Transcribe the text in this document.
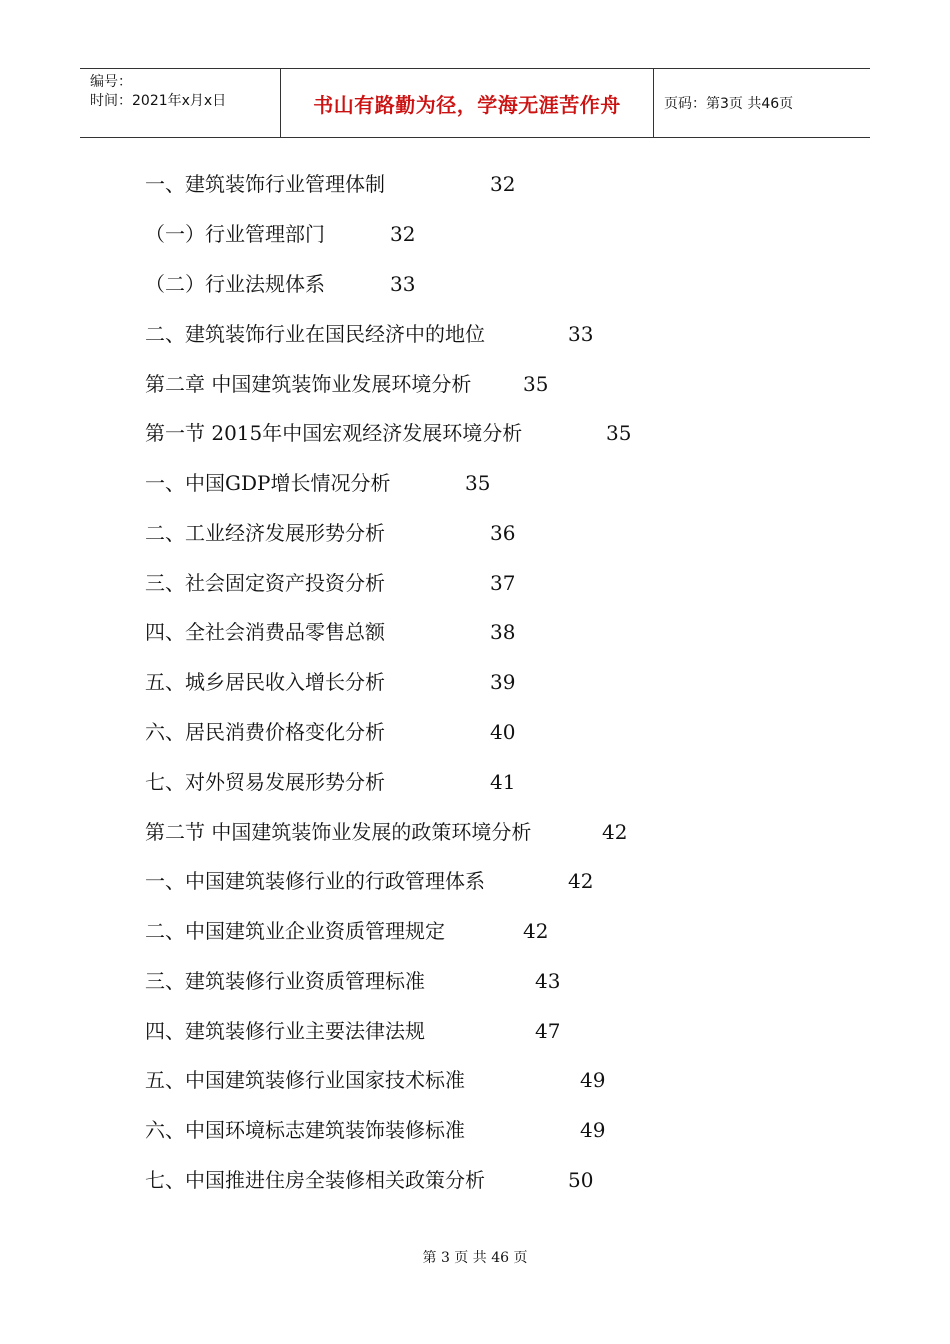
编号：
时间：2021年x月x日	书山有路勤为径，学海无涯苦作舟	页码：第3页 共46页
一、建筑装饰行业管理体制	32
（一）行业管理部门	32
（二）行业法规体系	33
二、建筑装饰行业在国民经济中的地位	33
第二章 中国建筑装饰业发展环境分析	35
第一节 2015年中国宏观经济发展环境分析	35
一、中国GDP增长情况分析	35
二、工业经济发展形势分析	36
三、社会固定资产投资分析	37
四、全社会消费品零售总额	38
五、城乡居民收入增长分析	39
六、居民消费价格变化分析	40
七、对外贸易发展形势分析	41
第二节 中国建筑装饰业发展的政策环境分析	42
一、中国建筑装修行业的行政管理体系	42
二、中国建筑业企业资质管理规定	42
三、建筑装修行业资质管理标准	43
四、建筑装修行业主要法律法规	47
五、中国建筑装修行业国家技术标准	49
六、中国环境标志建筑装饰装修标准	49
七、中国推进住房全装修相关政策分析	50
第 3 页 共 46 页
